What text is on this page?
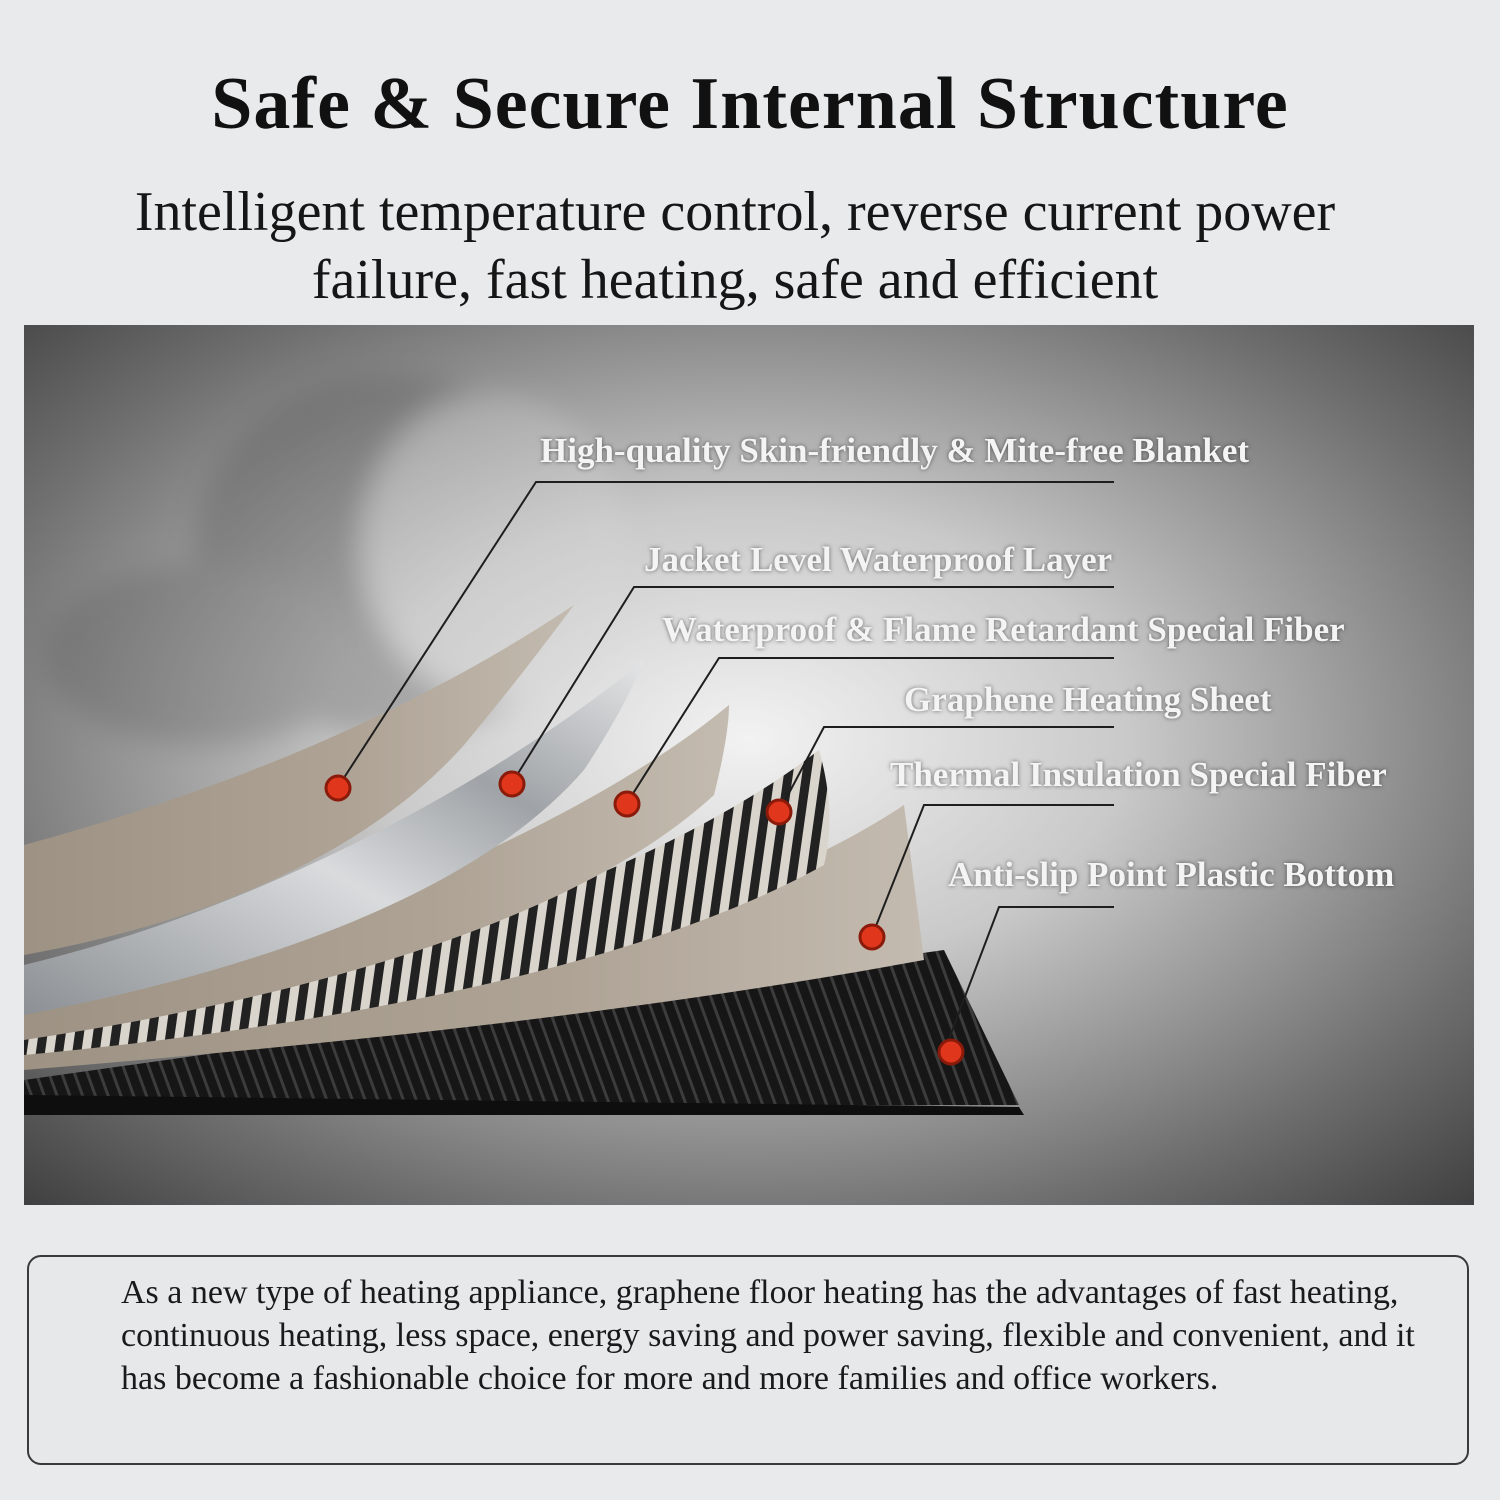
Safe & Secure Internal Structure

Intelligent temperature control, reverse current power failure, fast heating, safe and efficient

High-quality Skin-friendly & Mite-free Blanket
Jacket Level Waterproof Layer
Waterproof & Flame Retardant Special Fiber
Graphene Heating Sheet
Thermal Insulation Special Fiber
Anti-slip Point Plastic Bottom

As a new type of heating appliance, graphene floor heating has the advantages of fast heating, continuous heating, less space, energy saving and power saving, flexible and convenient, and it has become a fashionable choice for more and more families and office workers.
